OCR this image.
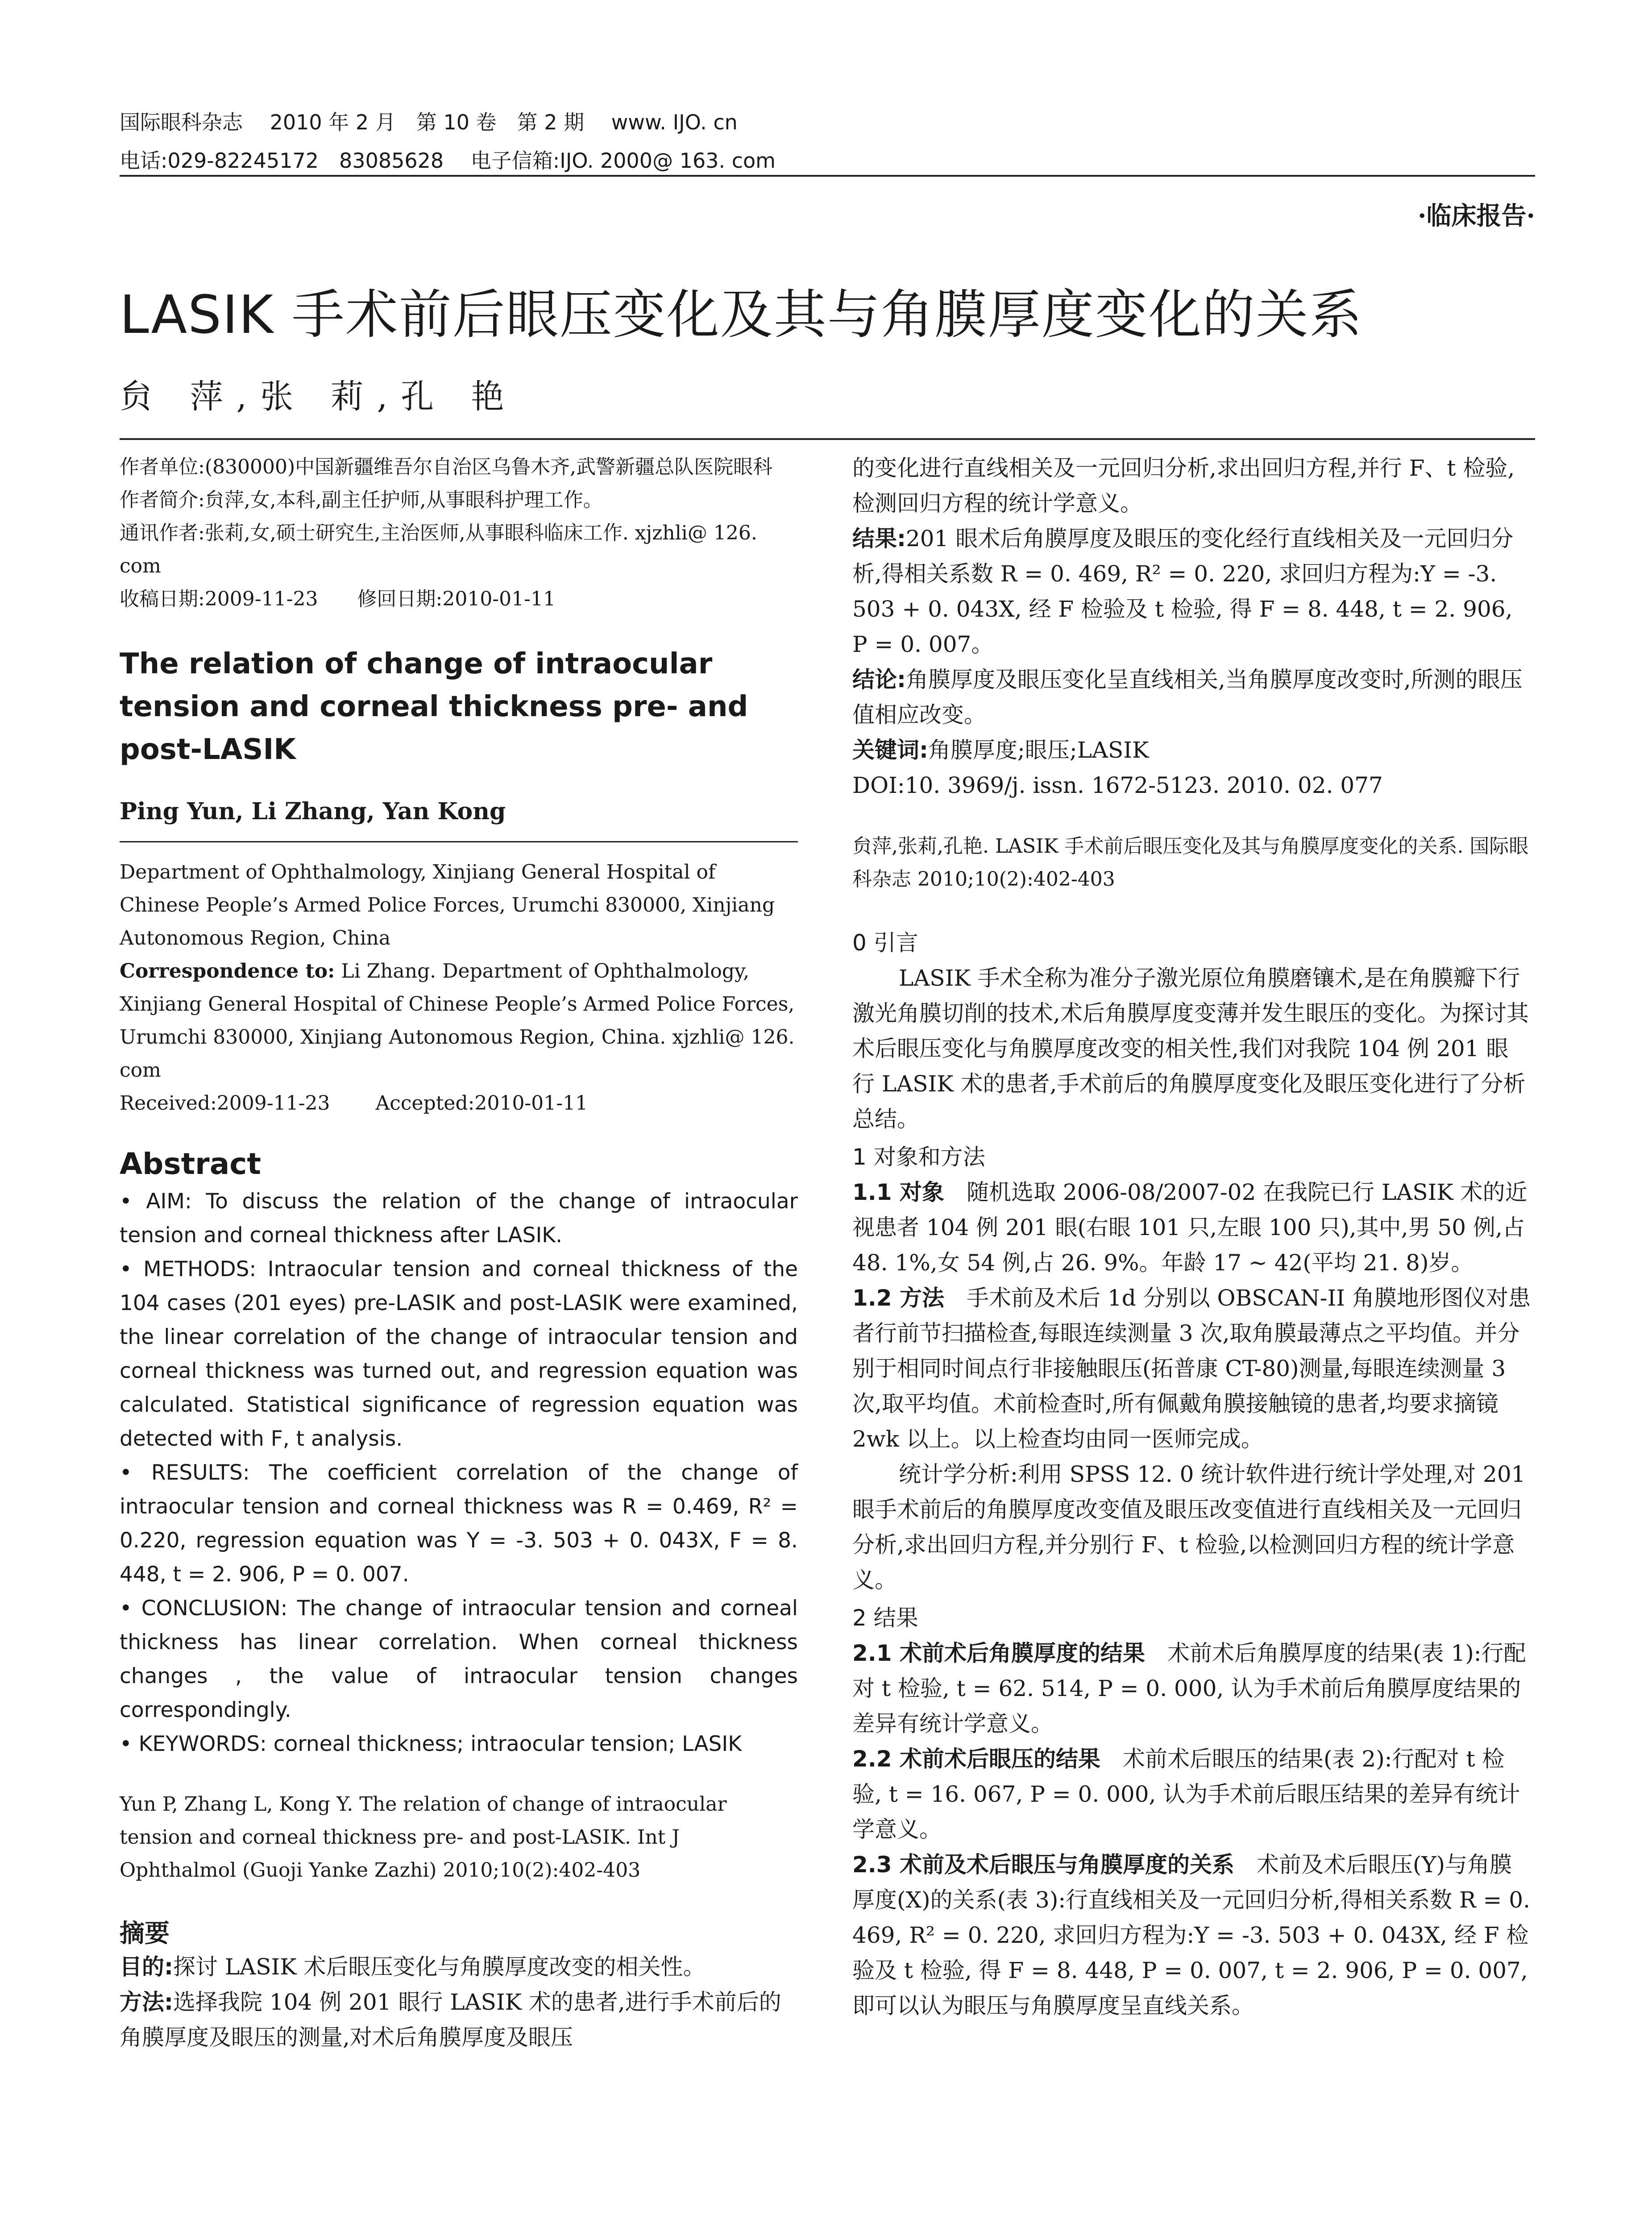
国际眼科杂志　 2010 年 2 月　第 10 卷　第 2 期　 www. IJO. cn
电话:029-82245172　83085628　 电子信箱:IJO. 2000@ 163. com
·临床报告·
LASIK 手术前后眼压变化及其与角膜厚度变化的关系
贠 萍,张 莉,孔 艳

作者单位:(830000)中国新疆维吾尔自治区乌鲁木齐,武警新疆总队医院眼科

作者简介:贠萍,女,本科,副主任护师,从事眼科护理工作。

通讯作者:张莉,女,硕士研究生,主治医师,从事眼科临床工作. xjzhli@ 126. com

收稿日期:2009-11-23　　修回日期:2010-01-11

The relation of change of intraocular tension and corneal thickness pre- and post-LASIK

Ping Yun, Li Zhang, Yan Kong

Department of Ophthalmology, Xinjiang General Hospital of Chinese People’s Armed Police Forces, Urumchi 830000, Xinjiang Autonomous Region, China

Correspondence to: Li Zhang. Department of Ophthalmology, Xinjiang General Hospital of Chinese People’s Armed Police Forces, Urumchi 830000, Xinjiang Autonomous Region, China. xjzhli@ 126. com

Received:2009-11-23　　 Accepted:2010-01-11

Abstract

• AIM: To discuss the relation of the change of intraocular tension and corneal thickness after LASIK.

• METHODS: Intraocular tension and corneal thickness of the 104 cases (201 eyes) pre-LASIK and post-LASIK were examined, the linear correlation of the change of intraocular tension and corneal thickness was turned out, and regression equation was calculated. Statistical significance of regression equation was detected with F, t analysis.

• RESULTS: The coefficient correlation of the change of intraocular tension and corneal thickness was R = 0.469, R² = 0.220, regression equation was Y = -3. 503 + 0. 043X, F = 8. 448, t = 2. 906, P = 0. 007.

• CONCLUSION: The change of intraocular tension and corneal thickness has linear correlation. When corneal thickness changes , the value of intraocular tension changes correspondingly.

• KEYWORDS: corneal thickness; intraocular tension; LASIK

Yun P, Zhang L, Kong Y. The relation of change of intraocular tension and corneal thickness pre- and post-LASIK. Int J Ophthalmol (Guoji Yanke Zazhi) 2010;10(2):402-403

摘要

目的:探讨 LASIK 术后眼压变化与角膜厚度改变的相关性。

方法:选择我院 104 例 201 眼行 LASIK 术的患者,进行手术前后的角膜厚度及眼压的测量,对术后角膜厚度及眼压

的变化进行直线相关及一元回归分析,求出回归方程,并行 F、t 检验,检测回归方程的统计学意义。

结果:201 眼术后角膜厚度及眼压的变化经行直线相关及一元回归分析,得相关系数 R = 0. 469, R² = 0. 220, 求回归方程为:Y = -3. 503 + 0. 043X, 经 F 检验及 t 检验, 得 F = 8. 448, t = 2. 906, P = 0. 007。

结论:角膜厚度及眼压变化呈直线相关,当角膜厚度改变时,所测的眼压值相应改变。

关键词:角膜厚度;眼压;LASIK

DOI:10. 3969/j. issn. 1672-5123. 2010. 02. 077

贠萍,张莉,孔艳. LASIK 手术前后眼压变化及其与角膜厚度变化的关系. 国际眼科杂志 2010;10(2):402-403

0 引言

LASIK 手术全称为准分子激光原位角膜磨镶术,是在角膜瓣下行激光角膜切削的技术,术后角膜厚度变薄并发生眼压的变化。为探讨其术后眼压变化与角膜厚度改变的相关性,我们对我院 104 例 201 眼行 LASIK 术的患者,手术前后的角膜厚度变化及眼压变化进行了分析总结。

1 对象和方法

1.1 对象　随机选取 2006-08/2007-02 在我院已行 LASIK 术的近视患者 104 例 201 眼(右眼 101 只,左眼 100 只),其中,男 50 例,占 48. 1%,女 54 例,占 26. 9%。年龄 17 ~ 42(平均 21. 8)岁。

1.2 方法　手术前及术后 1d 分别以 OBSCAN-II 角膜地形图仪对患者行前节扫描检查,每眼连续测量 3 次,取角膜最薄点之平均值。并分别于相同时间点行非接触眼压(拓普康 CT-80)测量,每眼连续测量 3 次,取平均值。术前检查时,所有佩戴角膜接触镜的患者,均要求摘镜 2wk 以上。以上检查均由同一医师完成。

统计学分析:利用 SPSS 12. 0 统计软件进行统计学处理,对 201 眼手术前后的角膜厚度改变值及眼压改变值进行直线相关及一元回归分析,求出回归方程,并分别行 F、t 检验,以检测回归方程的统计学意义。

2 结果

2.1 术前术后角膜厚度的结果　术前术后角膜厚度的结果(表 1):行配对 t 检验, t = 62. 514, P = 0. 000, 认为手术前后角膜厚度结果的差异有统计学意义。

2.2 术前术后眼压的结果　术前术后眼压的结果(表 2):行配对 t 检验, t = 16. 067, P = 0. 000, 认为手术前后眼压结果的差异有统计学意义。

2.3 术前及术后眼压与角膜厚度的关系　术前及术后眼压(Y)与角膜厚度(X)的关系(表 3):行直线相关及一元回归分析,得相关系数 R = 0. 469, R² = 0. 220, 求回归方程为:Y = -3. 503 + 0. 043X, 经 F 检验及 t 检验, 得 F = 8. 448, P = 0. 007, t = 2. 906, P = 0. 007, 即可以认为眼压与角膜厚度呈直线关系。
